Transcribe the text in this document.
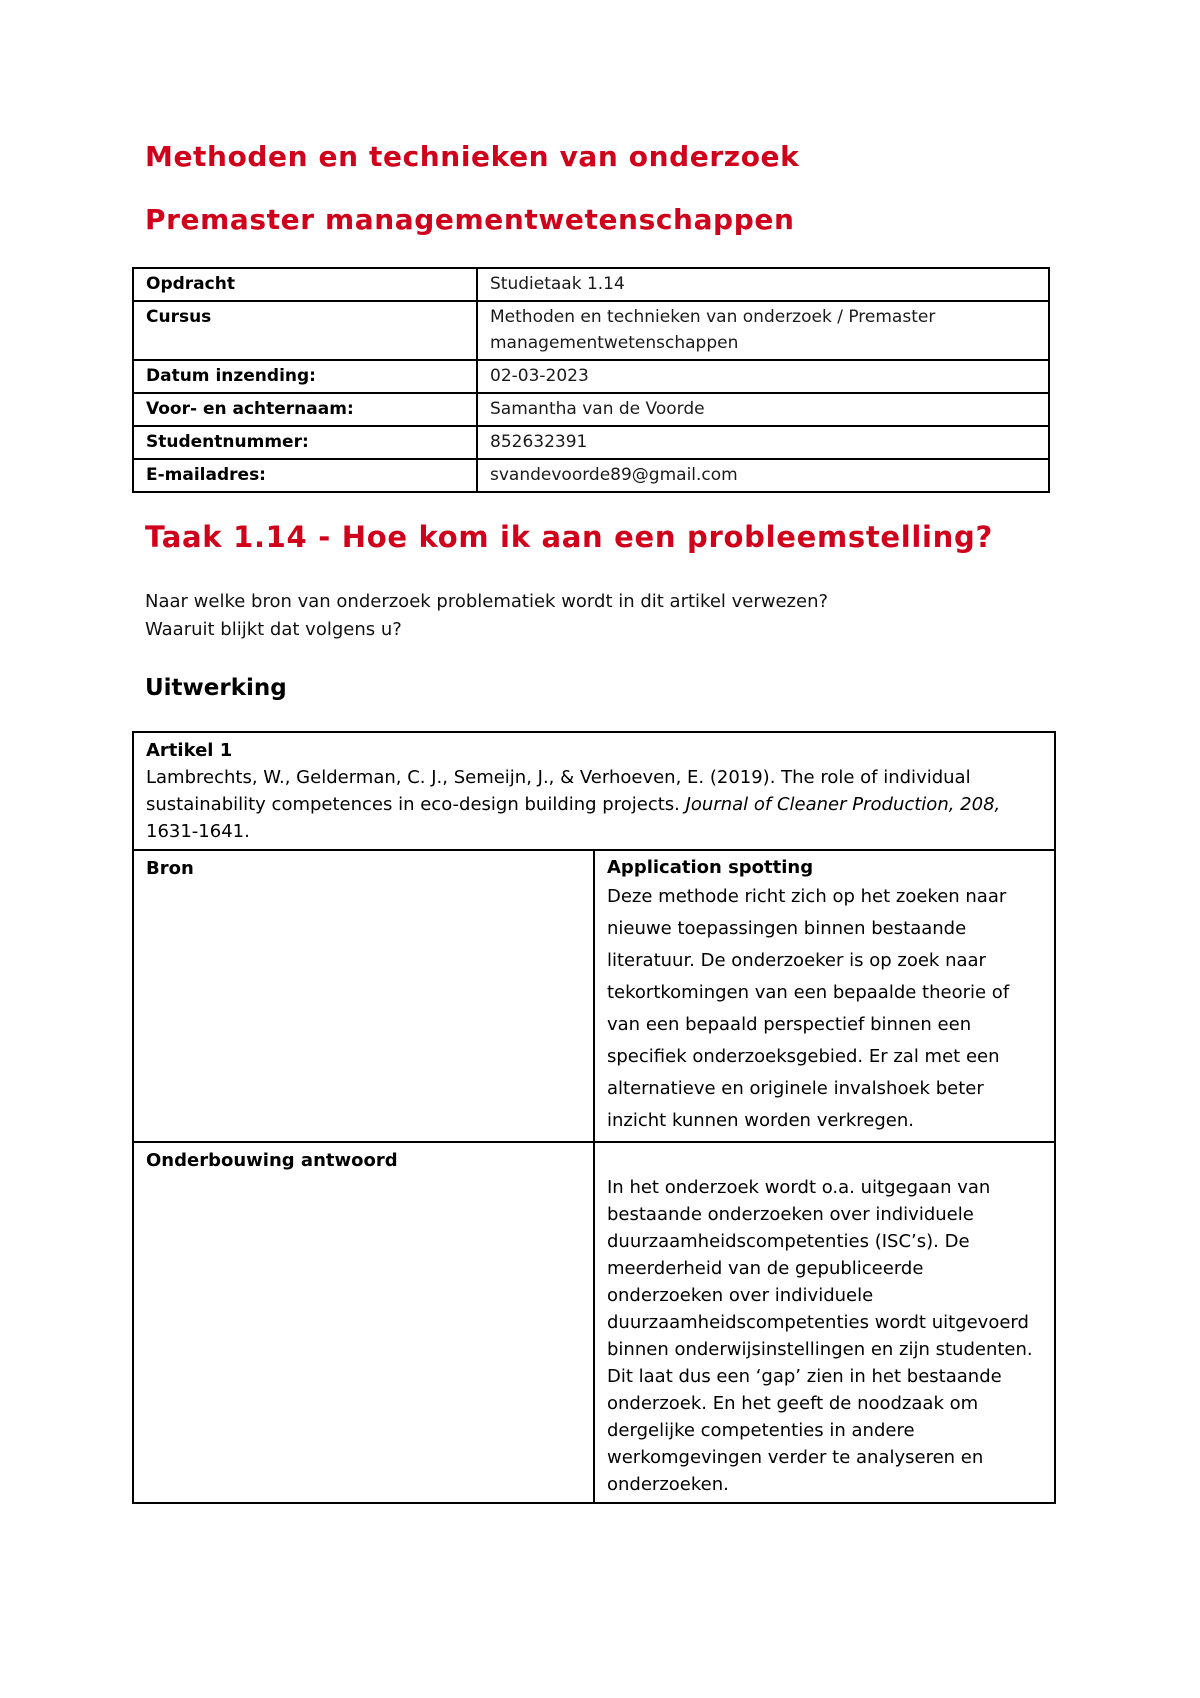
Methoden en technieken van onderzoek
Premaster managementwetenschappen
Opdracht	Studietaak 1.14
Cursus	Methoden en technieken van onderzoek / Premaster managementwetenschappen
Datum inzending:	02-03-2023
Voor- en achternaam:	Samantha van de Voorde
Studentnummer:	852632391
E-mailadres:	svandevoorde89@gmail.com
Taak 1.14 - Hoe kom ik aan een probleemstelling?

Naar welke bron van onderzoek problematiek wordt in dit artikel verwezen?
Waaruit blijkt dat volgens u?

Uitwerking
Artikel 1
Lambrechts, W., Gelderman, C. J., Semeijn, J., & Verhoeven, E. (2019). The role of individual sustainability competences in eco-design building projects. Journal of Cleaner Production, 208, 1631-1641.	
Bron	Application spotting
Deze methode richt zich op het zoeken naar nieuwe toepassingen binnen bestaande literatuur. De onderzoeker is op zoek naar tekortkomingen van een bepaalde theorie of van een bepaald perspectief binnen een specifiek onderzoeksgebied. Er zal met een alternatieve en originele invalshoek beter inzicht kunnen worden verkregen.

Onderbouwing antwoord	In het onderzoek wordt o.a. uitgegaan van bestaande onderzoeken over individuele duurzaamheidscompetenties (ISC’s). De meerderheid van de gepubliceerde onderzoeken over individuele duurzaamheidscompetenties wordt uitgevoerd binnen onderwijsinstellingen en zijn studenten. Dit laat dus een ‘gap’ zien in het bestaande onderzoek. En het geeft de noodzaak om dergelijke competenties in andere werkomgevingen verder te analyseren en onderzoeken.
